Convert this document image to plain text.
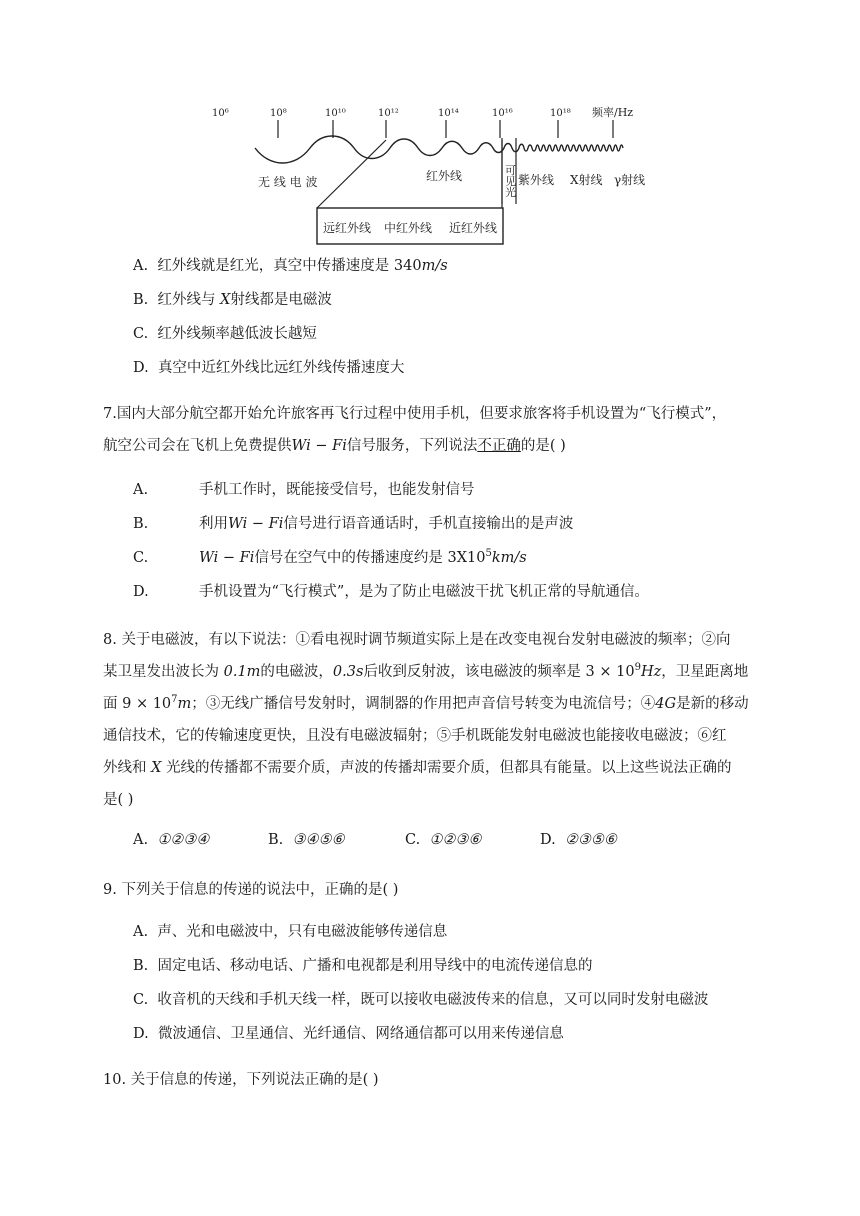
10⁶	10⁸	10¹⁰	10¹²	10¹⁴	10¹⁶	10¹⁸ 频率/Hz
无 线 电 波	红外线	可 见 光
紫外线 X射线 γ射线
远红外线 中红外线 近红外线
A. 红外线就是红光，真空中传播速度是 340m/s
B. 红外线与 X射线都是电磁波
C. 红外线频率越低波长越短
D. 真空中近红外线比远红外线传播速度大
7.国内大部分航空都开始允许旅客再飞行过程中使用手机，但要求旅客将手机设置为“飞行模式”，
航空公司会在飞机上免费提供Wi − Fi信号服务，下列说法不正确的是( )
A.	手机工作时，既能接受信号，也能发射信号
B.	利用Wi − Fi信号进行语音通话时，手机直接输出的是声波
C.	Wi − Fi信号在空气中的传播速度约是 $3X10^5km/s$
D.	手机设置为“飞行模式”，是为了防止电磁波干扰飞机正常的导航通信。
8. 关于电磁波，有以下说法：①看电视时调节频道实际上是在改变电视台发射电磁波的频率；②向
某卫星发出波长为 0.1m的电磁波，0.3s后收到反射波，该电磁波的频率是 $3 \times 10^9Hz$，卫星距离地
面 $9 \times 10^7m$；③无线广播信号发射时，调制器的作用把声音信号转变为电流信号；④4G是新的移动
通信技术，它的传输速度更快，且没有电磁波辐射；⑤手机既能发射电磁波也能接收电磁波；⑥红
外线和 X 光线的传播都不需要介质，声波的传播却需要介质，但都具有能量。以上这些说法正确的
是( )
A. ①②③④	B. ③④⑤⑥	C. ①②③⑥	D. ②③⑤⑥
9. 下列关于信息的传递的说法中，正确的是( )
A. 声、光和电磁波中，只有电磁波能够传递信息
B. 固定电话、移动电话、广播和电视都是利用导线中的电流传递信息的
C. 收音机的天线和手机天线一样，既可以接收电磁波传来的信息，又可以同时发射电磁波
D. 微波通信、卫星通信、光纤通信、网络通信都可以用来传递信息
10. 关于信息的传递，下列说法正确的是( )
